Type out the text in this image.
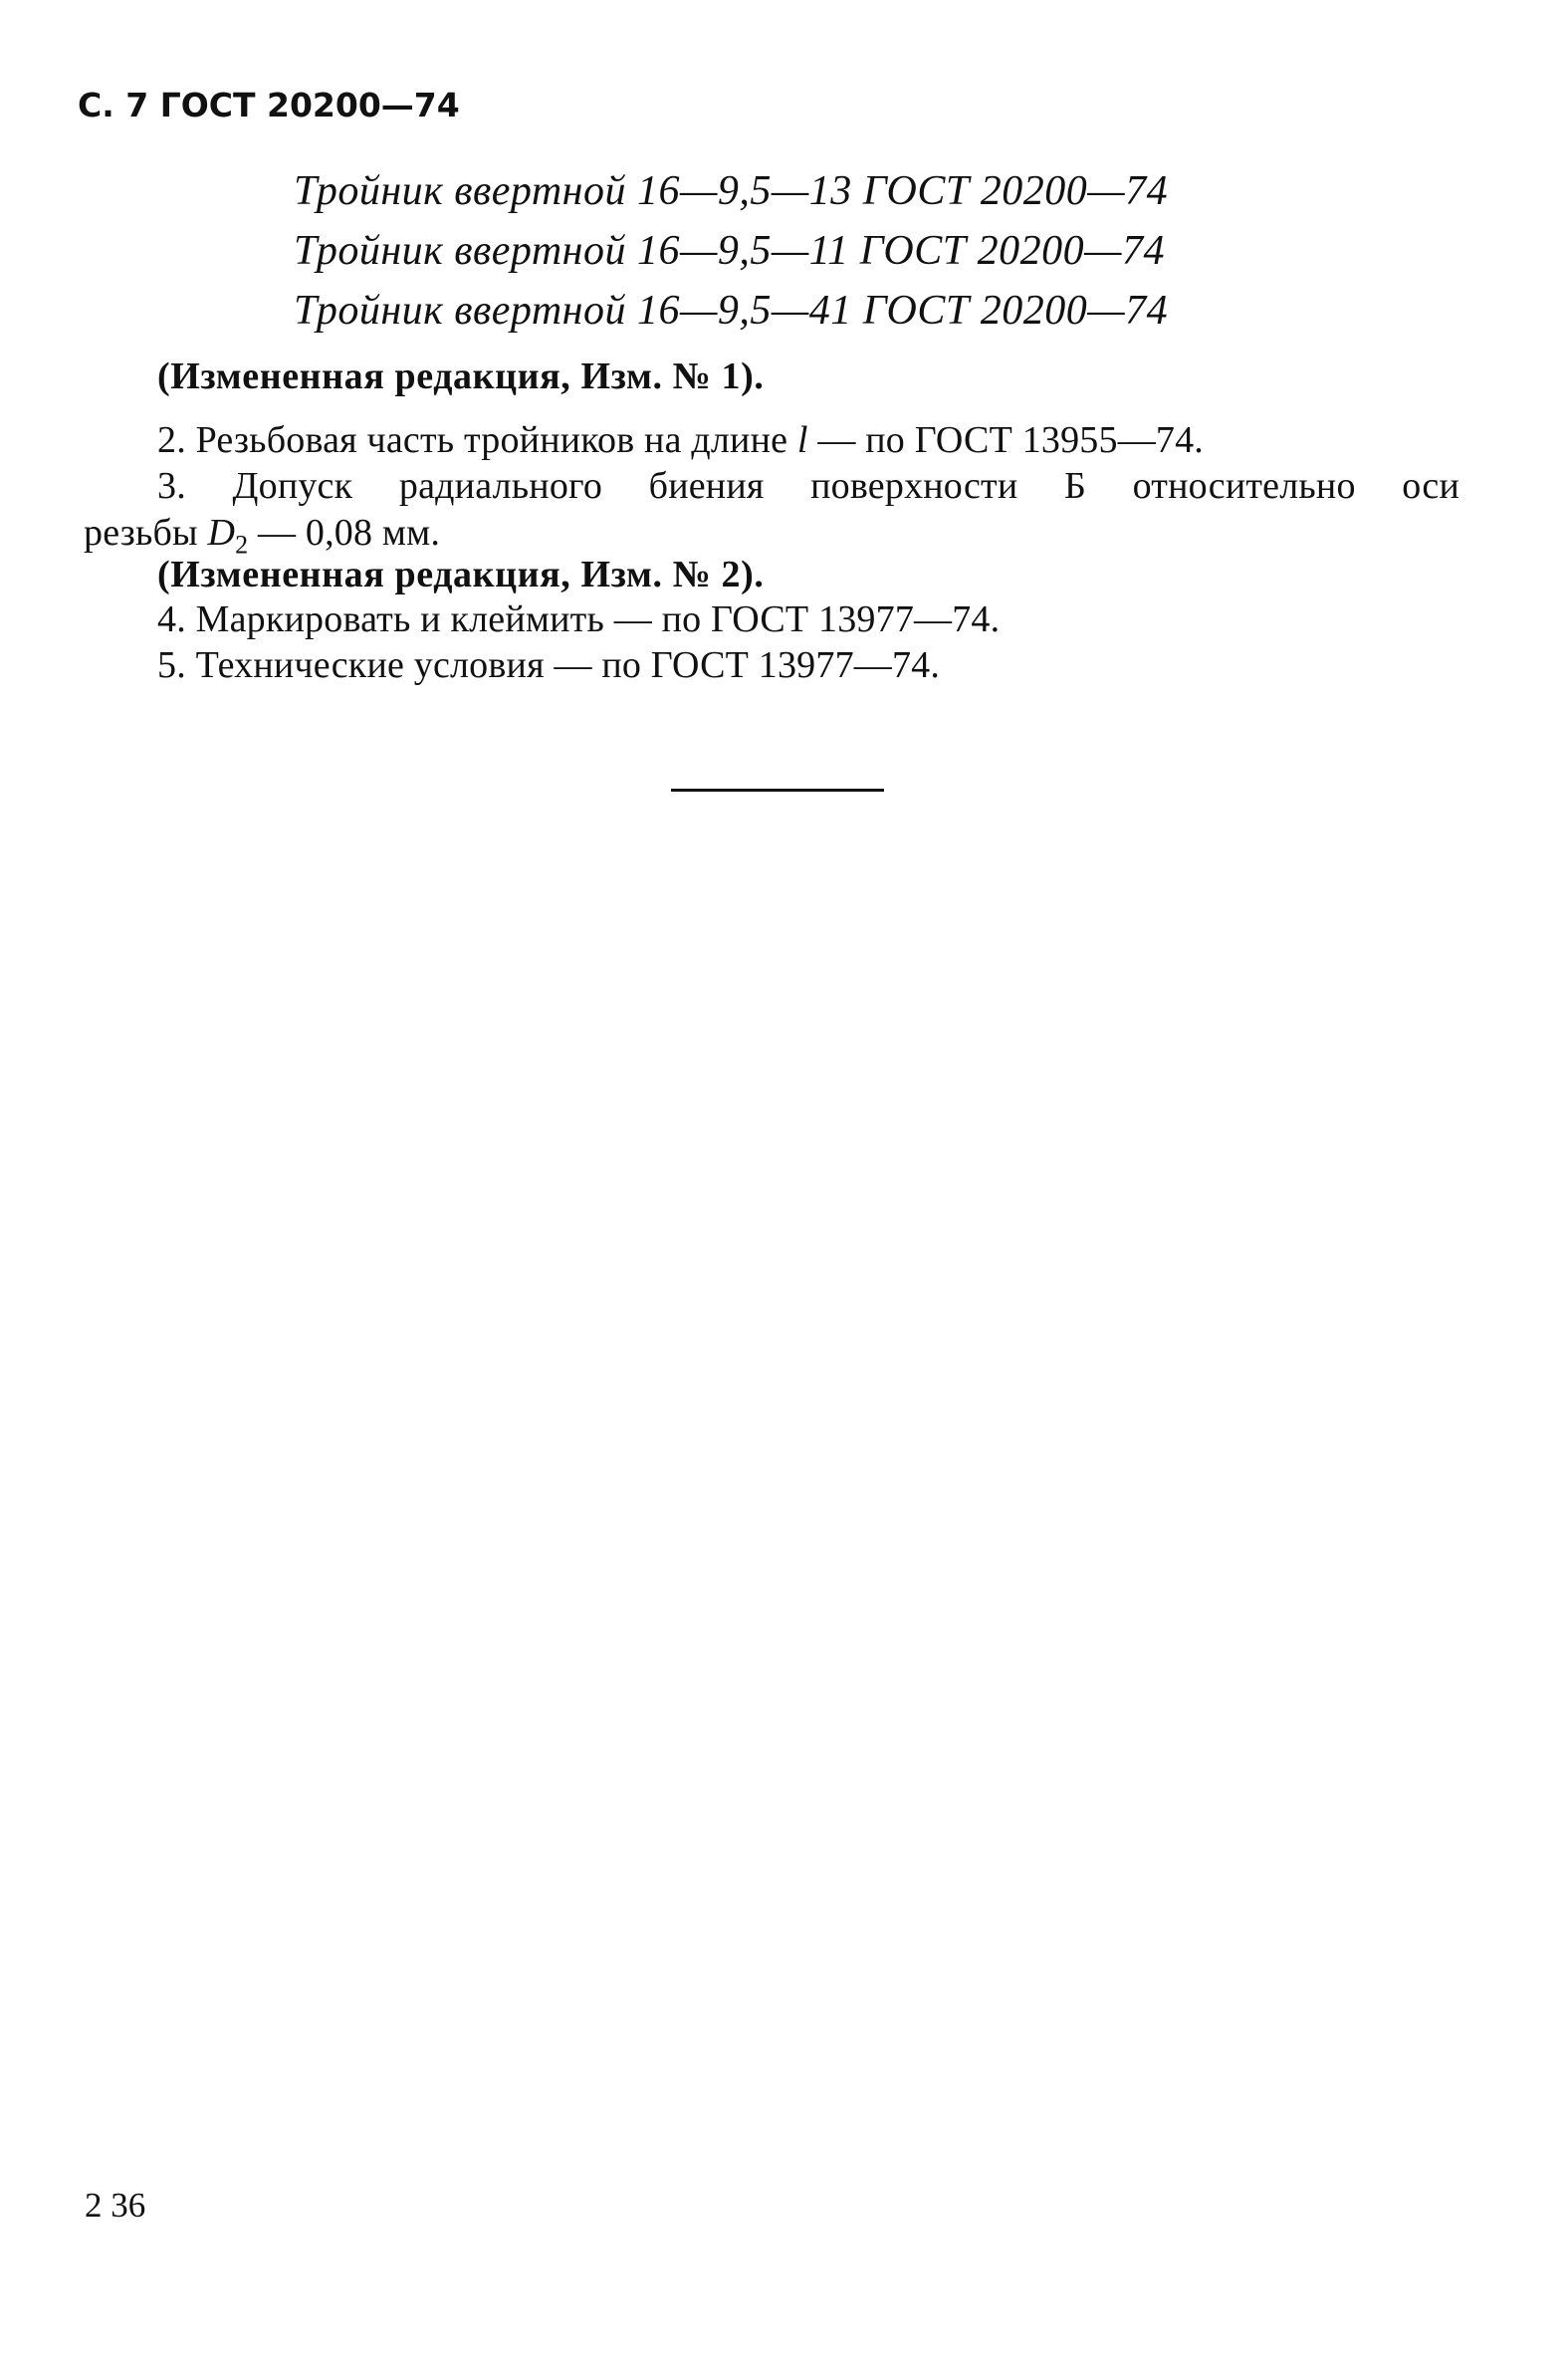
С. 7 ГОСТ 20200—74
Тройник ввертной 16—9,5—13 ГОСТ 20200—74
Тройник ввертной 16—9,5—11 ГОСТ 20200—74
Тройник ввертной 16—9,5—41 ГОСТ 20200—74
(Измененная редакция, Изм. № 1).
2. Резьбовая часть тройников на длине l — по ГОСТ 13955—74.
3. Допуск радиального биения поверхности Б относительно оси
резьбы $D_2$ — 0,08 мм.
(Измененная редакция, Изм. № 2).
4. Маркировать и клеймить — по ГОСТ 13977—74.
5. Технические условия — по ГОСТ 13977—74.
2 36
